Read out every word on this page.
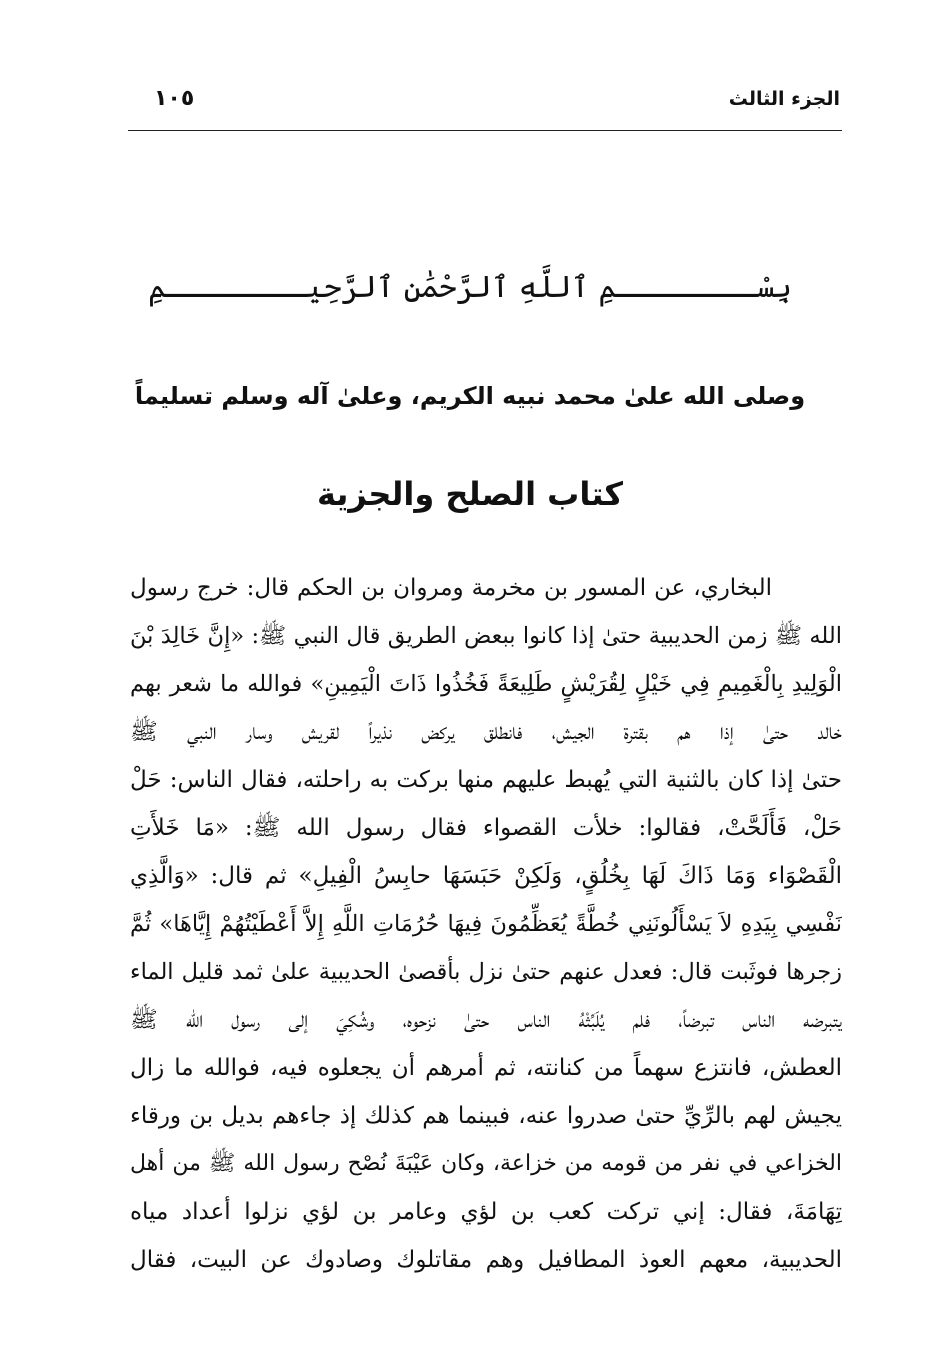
الجزء الثالث
١٠٥
بِسْــــــــمِ ٱللَّهِ ٱلرَّحْمَٰنِ ٱلرَّحِيــــــــمِ
وصلى الله علىٰ محمد نبيه الكريم، وعلىٰ آله وسلم تسليماً
كتاب الصلح والجزية
البخاري، عن المسور بن مخرمة ومروان بن الحكم قال: خرج رسول
الله ﷺ زمن الحديبية حتىٰ إذا كانوا ببعض الطريق قال النبي ﷺ: «إِنَّ خَالِدَ بْنَ
الْوَلِيدِ بِالْغَمِيمِ فِي خَيْلٍ لِقُرَيْشٍ طَلِيعَةً فَخُذُوا ذَاتَ الْيَمِينِ» فوالله ما شعر بهم
خالد حتىٰ إذا هم بقترة الجيش، فانطلق يركض نذيراً لقريش وسار النبي ﷺ
حتىٰ إذا كان بالثنية التي يُهبط عليهم منها بركت به راحلته، فقال الناس: حَلْ
حَلْ، فَأَلَحَّتْ، فقالوا: خلأت القصواء فقال رسول الله ﷺ: «مَا خَلأَتِ
الْقَصْوَاء وَمَا ذَاكَ لَهَا بِخُلُقٍ، وَلَكِنْ حَبَسَهَا حابِسُ الْفِيلِ» ثم قال: «وَالَّذِي
نَفْسِي بِيَدِهِ لاَ يَسْأَلُونَنِي خُطَّةً يُعَظِّمُونَ فِيهَا حُرُمَاتِ اللَّهِ إِلاَّ أَعْطَيْتُهُمْ إِيَّاهَا» ثُمَّ
زجرها فوثَبت قال: فعدل عنهم حتىٰ نزل بأقصىٰ الحديبية علىٰ ثمد قليل الماء
يتبرضه الناس تبرضاً، فلم يُلَبِّثْهُ الناس حتىٰ نزحوه، وشُكِيَ إلى رسول الله ﷺ
العطش، فانتزع سهماً من كنانته، ثم أمرهم أن يجعلوه فيه، فوالله ما زال
يجيش لهم بالرِّيِّ حتىٰ صدروا عنه، فبينما هم كذلك إذ جاءهم بديل بن ورقاء
الخزاعي في نفر من قومه من خزاعة، وكان عَيْبَةَ نُصْح رسول الله ﷺ من أهل
تِهَامَةَ، فقال: إني تركت كعب بن لؤي وعامر بن لؤي نزلوا أعداد مياه
الحديبية، معهم العوذ المطافيل وهم مقاتلوك وصادوك عن البيت، فقال
